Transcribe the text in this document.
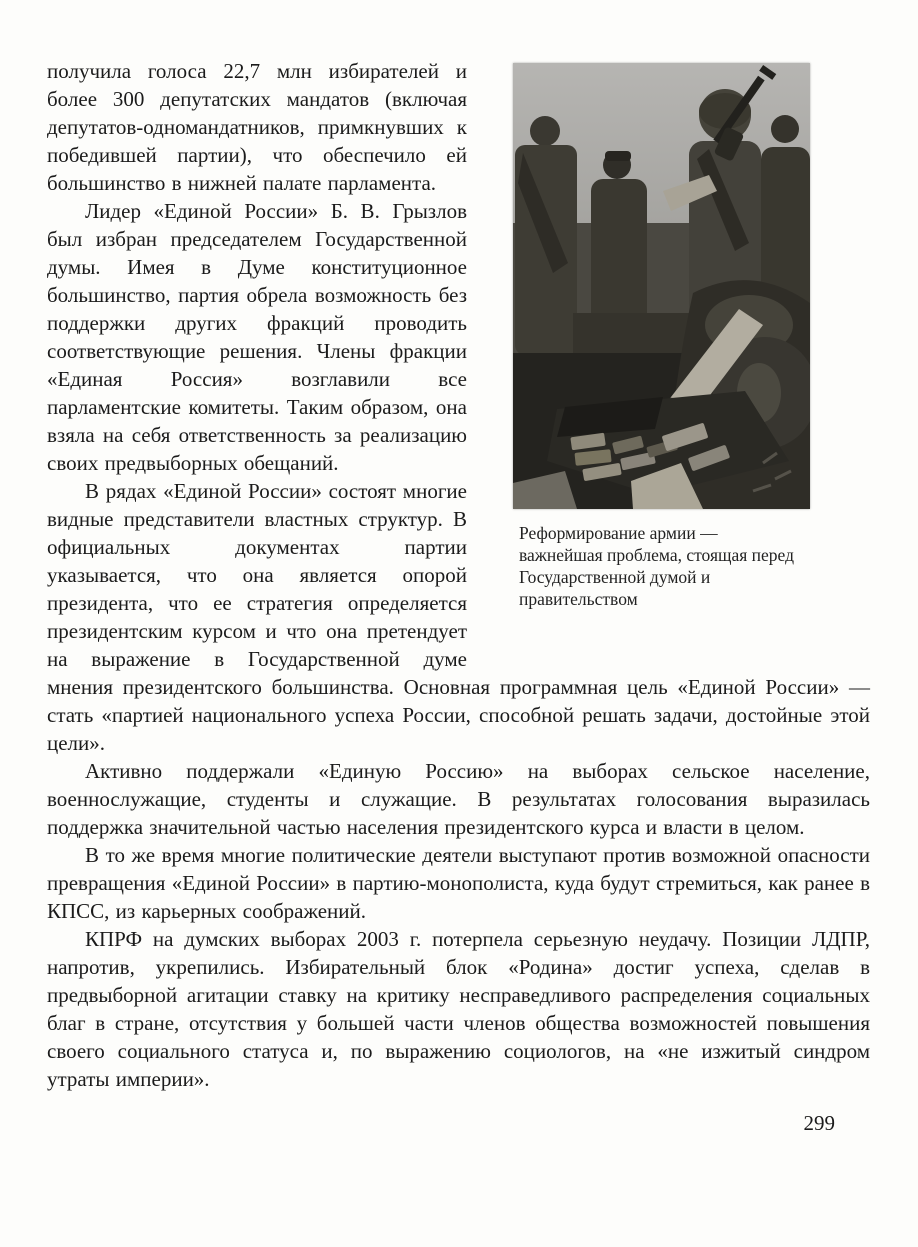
Реформирование армии — важнейшая проблема, стоящая перед Государственной думой и правительством

получила голоса 22,7 млн избирателей и более 300 депутатских мандатов (включая депутатов-одномандатников, примкнувших к победившей партии), что обеспечило ей большинство в нижней палате парламента.

Лидер «Единой России» Б. В. Грызлов был избран председателем Государственной думы. Имея в Думе конституционное большинство, партия обрела возможность без поддержки других фракций проводить соответствующие решения. Члены фракции «Единая Россия» возглавили все парламентские комитеты. Таким образом, она взяла на себя ответственность за реализацию своих предвыборных обещаний.

В рядах «Единой России» состоят многие видные представители властных структур. В официальных документах партии указывается, что она является опорой президента, что ее стратегия определяется президентским курсом и что она претендует на выражение в Государственной думе мнения президентского большинства. Основная программная цель «Единой России» — стать «партией национального успеха России, способной решать задачи, достойные этой цели».

Активно поддержали «Единую Россию» на выборах сельское население, военнослужащие, студенты и служащие. В результатах голосования выразилась поддержка значительной частью населения президентского курса и власти в целом.

В то же время многие политические деятели выступают против возможной опасности превращения «Единой России» в партию-монополиста, куда будут стремиться, как ранее в КПСС, из карьерных соображений.

КПРФ на думских выборах 2003 г. потерпела серьезную неудачу. Позиции ЛДПР, напротив, укрепились. Избирательный блок «Родина» достиг успеха, сделав в предвыборной агитации ставку на критику несправедливого распределения социальных благ в стране, отсутствия у большей части членов общества возможностей повышения своего социального статуса и, по выражению социологов, на «не изжитый синдром утраты империи».

299
